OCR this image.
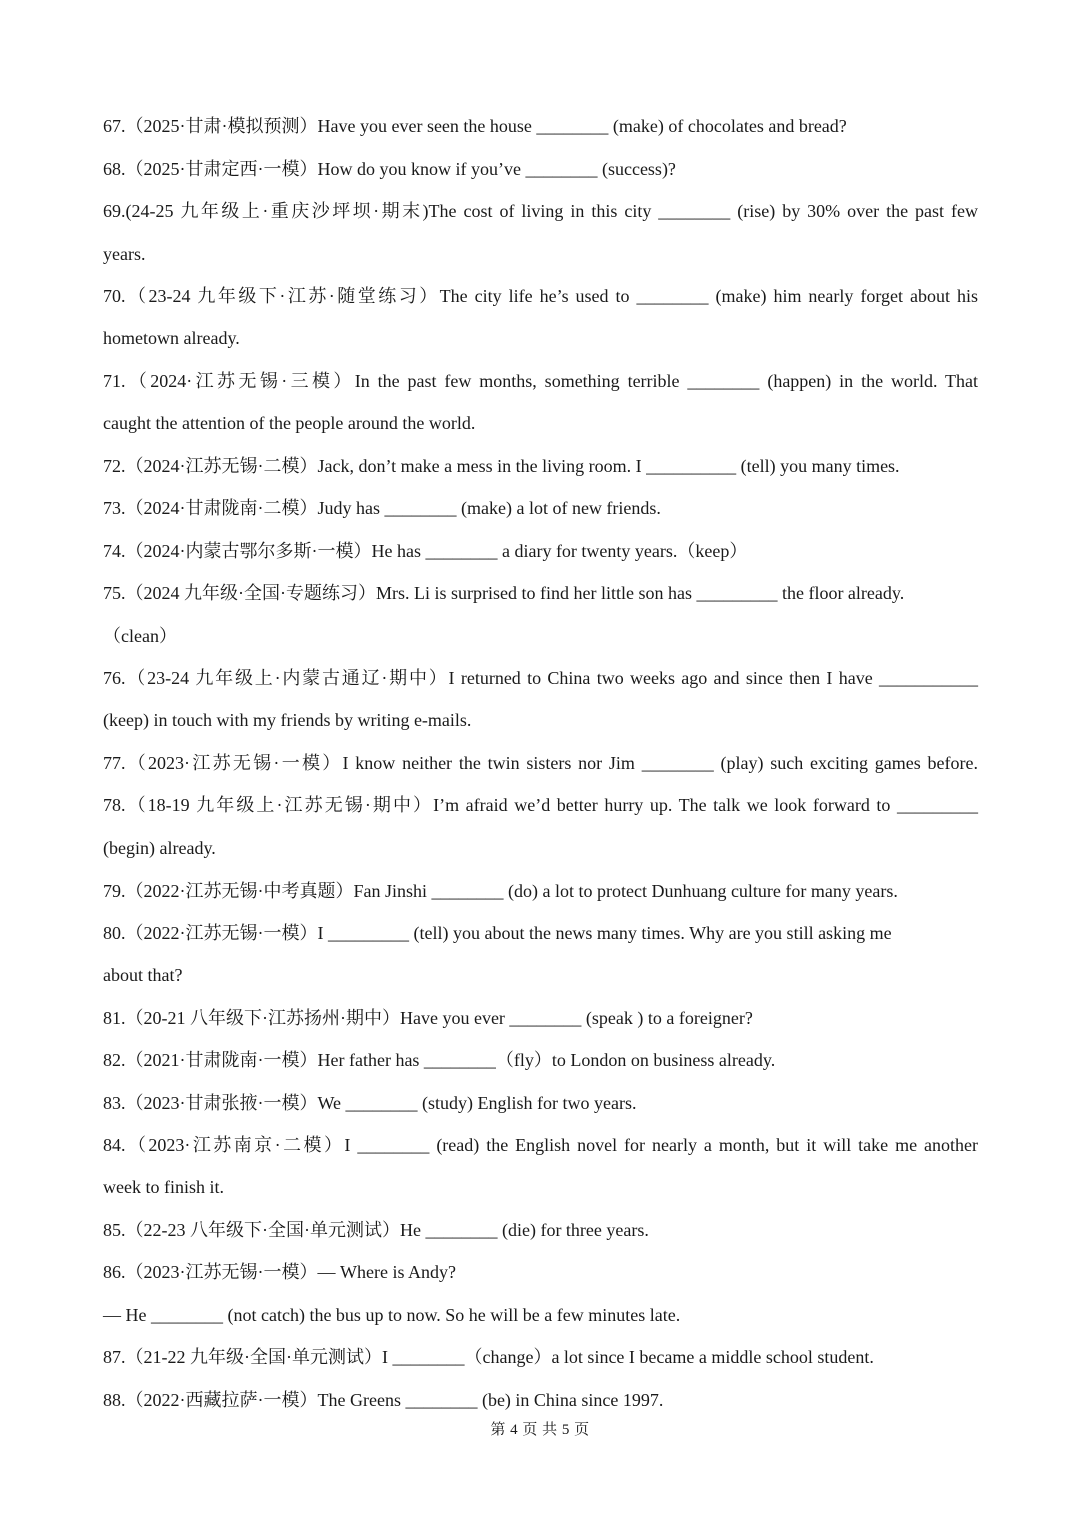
67.（2025·甘肃·模拟预测）Have you ever seen the house ________ (make) of chocolates and bread?
68.（2025·甘肃定西·一模）How do you know if you’ve ________ (success)?
69.(24-25 九年级上·重庆沙坪坝·期末)The cost of living in this city ________ (rise) by 30% over the past few
years.
70.（23-24 九年级下·江苏·随堂练习）The city life he’s used to ________ (make) him nearly forget about his
hometown already.
71.（2024·江苏无锡·三模）In the past few months, something terrible ________ (happen) in the world. That
caught the attention of the people around the world.
72.（2024·江苏无锡·二模）Jack, don’t make a mess in the living room. I __________ (tell) you many times.
73.（2024·甘肃陇南·二模）Judy has ________ (make) a lot of new friends.
74.（2024·内蒙古鄂尔多斯·一模）He has ________ a diary for twenty years.（keep）
75.（2024 九年级·全国·专题练习）Mrs. Li is surprised to find her little son has _________ the floor already.
（clean）
76.（23-24 九年级上·内蒙古通辽·期中）I returned to China two weeks ago and since then I have ___________
(keep) in touch with my friends by writing e-mails.
77.（2023·江苏无锡·一模）I know neither the twin sisters nor Jim ________ (play) such exciting games before.
78.（18-19 九年级上·江苏无锡·期中）I’m afraid we’d better hurry up. The talk we look forward to _________
(begin) already.
79.（2022·江苏无锡·中考真题）Fan Jinshi ________ (do) a lot to protect Dunhuang culture for many years.
80.（2022·江苏无锡·一模）I _________ (tell) you about the news many times. Why are you still asking me
about that?
81.（20-21 八年级下·江苏扬州·期中）Have you ever ________ (speak ) to a foreigner?
82.（2021·甘肃陇南·一模）Her father has ________（fly）to London on business already.
83.（2023·甘肃张掖·一模）We ________ (study) English for two years.
84.（2023·江苏南京·二模）I ________ (read) the English novel for nearly a month, but it will take me another
week to finish it.
85.（22-23 八年级下·全国·单元测试）He ________ (die) for three years.
86.（2023·江苏无锡·一模）— Where is Andy?
— He ________ (not catch) the bus up to now. So he will be a few minutes late.
87.（21-22 九年级·全国·单元测试）I ________（change）a lot since I became a middle school student.
88.（2022·西藏拉萨·一模）The Greens ________ (be) in China since 1997.
第 4 页 共 5 页
